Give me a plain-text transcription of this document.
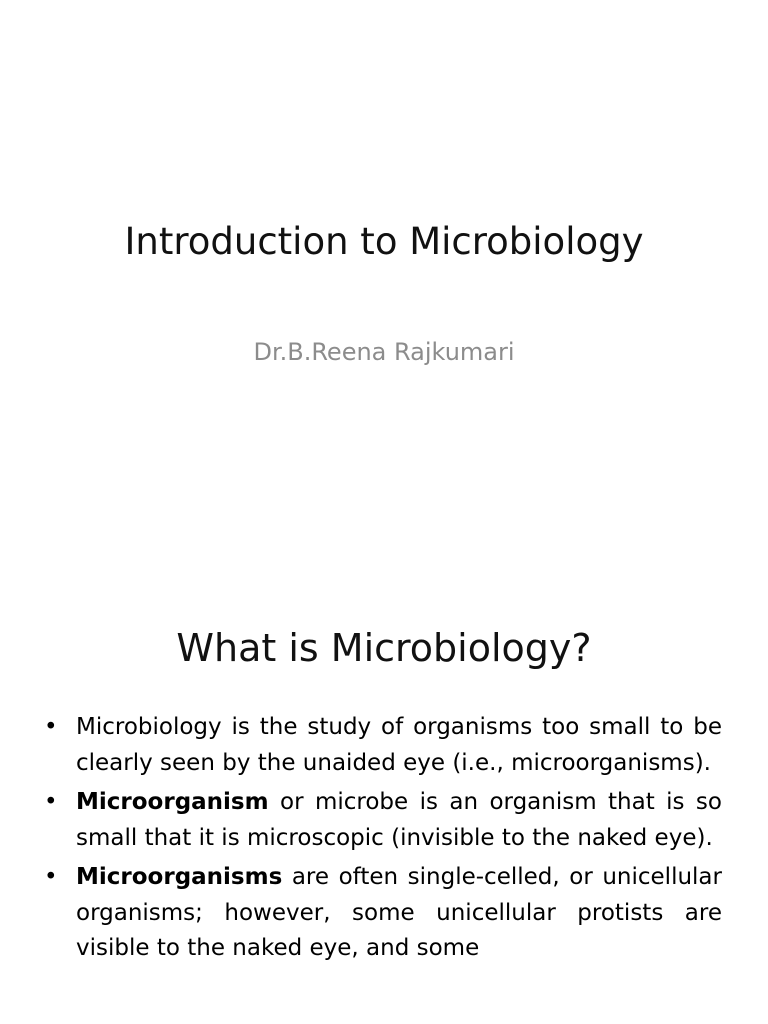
Introduction to Microbiology
Dr.B.Reena Rajkumari
What is Microbiology?
• Microbiology is the study of organisms too small to be clearly seen by the unaided eye (i.e., microorganisms).
• Microorganism or microbe is an organism that is so small that it is microscopic (invisible to the naked eye).
• Microorganisms are often single-celled, or unicellular organisms; however, some unicellular protists are visible to the naked eye, and some
